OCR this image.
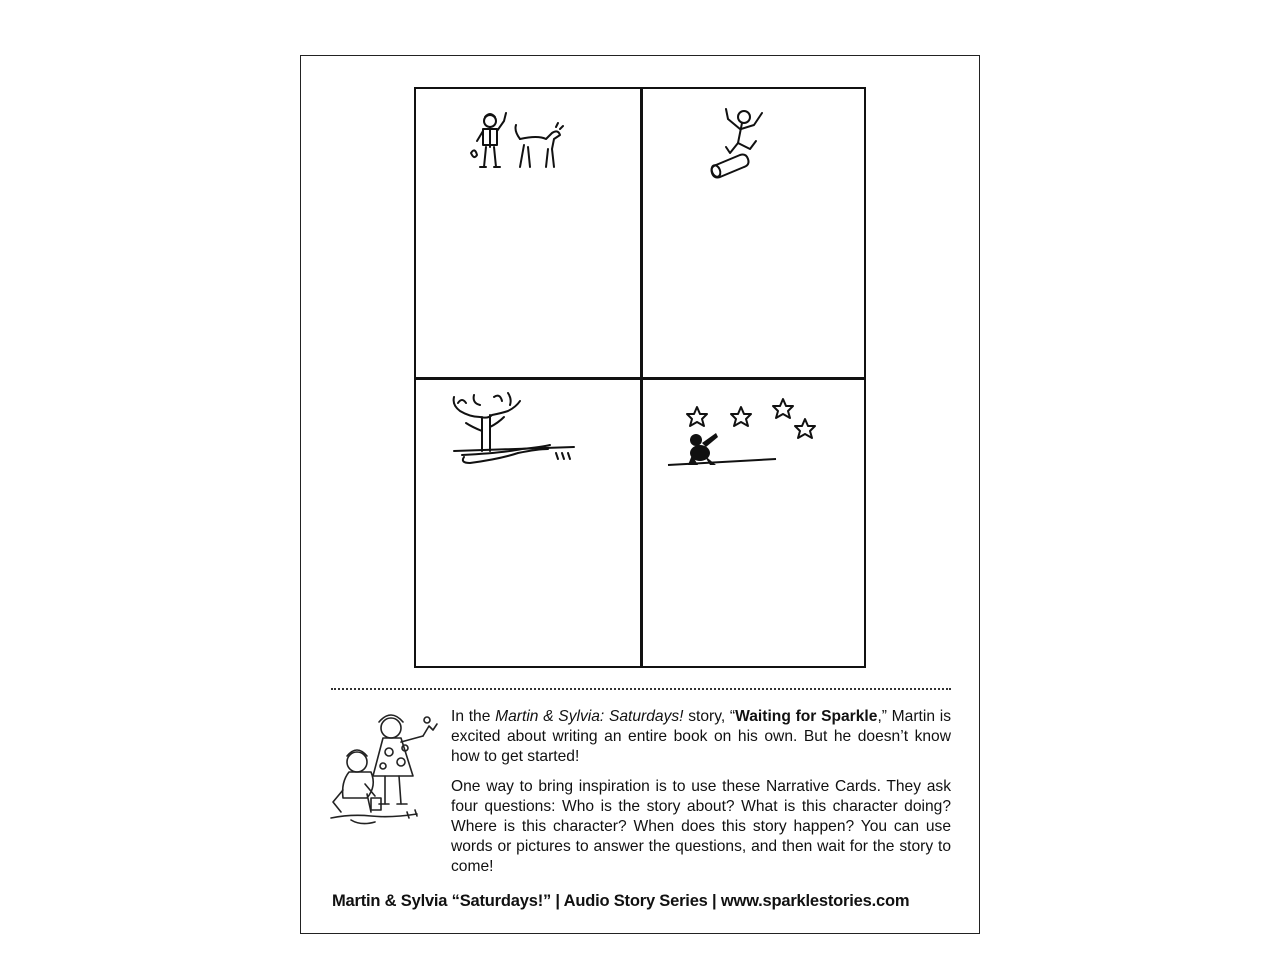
In the Martin & Sylvia: Saturdays! story, “Waiting for Sparkle,” Martin is excited about writing an entire book on his own. But he doesn’t know how to get started!

One way to bring inspiration is to use these Narrative Cards. They ask four questions: Who is the story about? What is this character doing? Where is this character? When does this story happen? You can use words or pictures to answer the questions, and then wait for the story to come!

Martin & Sylvia “Saturdays!” | Audio Story Series | www.sparklestories.com
